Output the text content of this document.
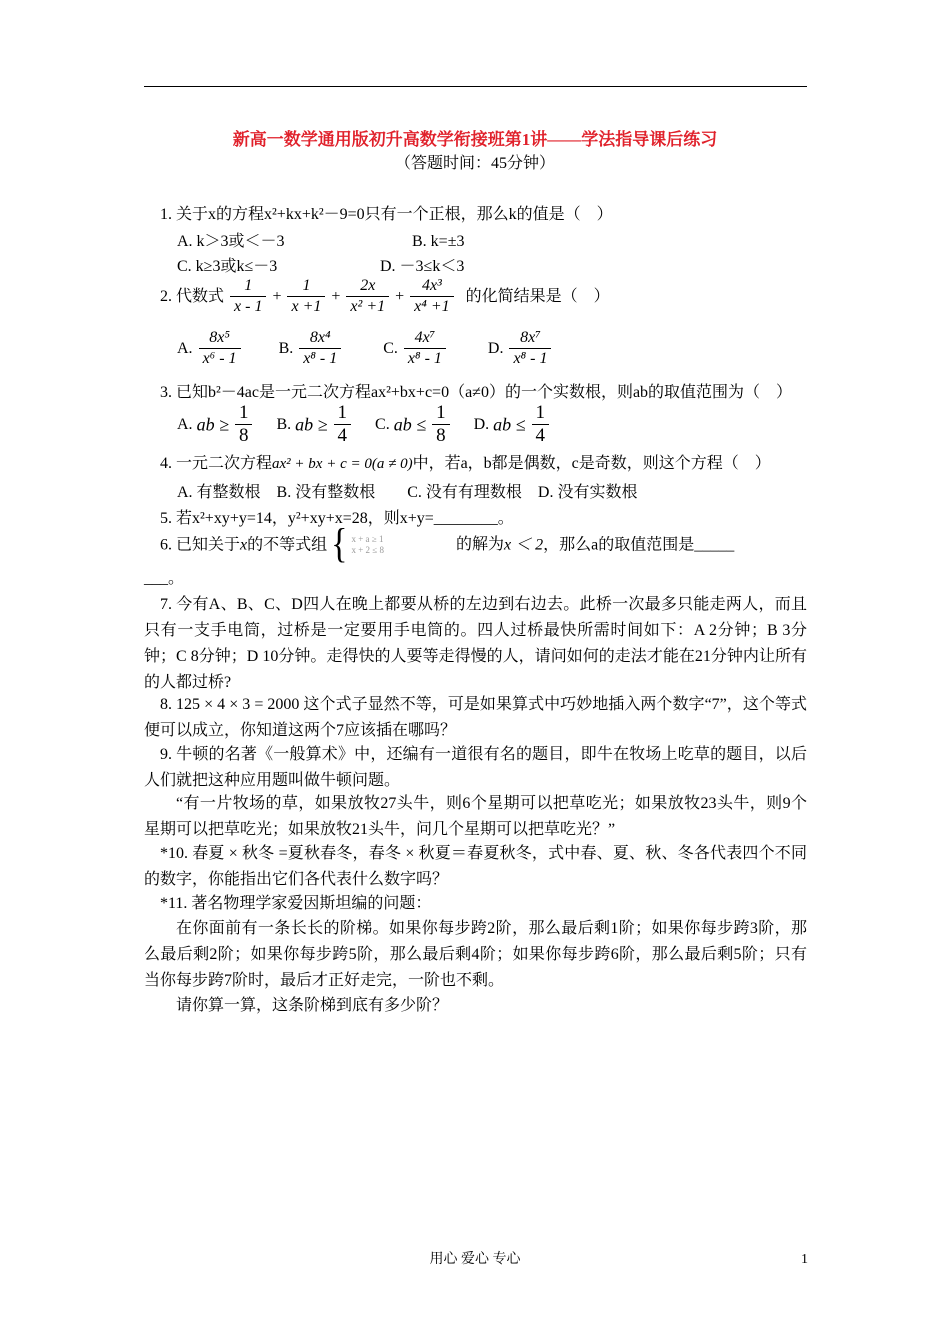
新高一数学通用版初升高数学衔接班第1讲——学法指导课后练习
（答题时间：45分钟）
1. 关于x的方程x²+kx+k²－9=0只有一个正根，那么k的值是（　）
A. k＞3或＜－3	B. k=±3
C. k≥3或k≤－3	D. －3≤k＜3
2. 代数式 $\frac{1}{x - 1} + \frac{1}{x +1} + \frac{2x}{\text{x² +1}} + \frac{\text{4x³}}{\text{x⁴ +1}}$ 的化简结果是（　）
A. $\frac{\text{8x⁵}}{\text{x⁶ - 1}} B$. $\frac{\text{8x⁴}}{\text{x⁸ - 1}}$	C. $\frac{\text{4x⁷}}{\text{x⁸ - 1}}$	D. $\frac{\text{8x⁷}}{\text{x⁸ - 1}}$
3. 已知b²－4ac是一元二次方程ax²+bx+c=0（a≠0）的一个实数根，则ab的取值范围为（　）
A. ab ≥ $\frac{1}{8} B$. ab ≥ $\frac{1}{4} C$. ab ≤ $\frac{1}{8} D$. ab ≤ $\frac{1}{4}$
4. 一元二次方程ax² + bx + c = 0(a ≠ 0)中，若a，b都是偶数，c是奇数，则这个方程（　）
A. 有整数根　B. 没有整数根　　C. 没有有理数根　D. 没有实数根
5. 若x²+xy+y=14，y²+xy+x=28，则x+y=________。
6. 已知关于x的不等式组 { x + a ≥ 1
x + 2 ≤ 8	的解为x ＜ 2，那么a的取值范围是_____
___。
7. 今有A、B、C、D四人在晚上都要从桥的左边到右边去。此桥一次最多只能走两人，而且只有一支手电筒，过桥是一定要用手电筒的。四人过桥最快所需时间如下：A 2分钟；B 3分钟；C 8分钟；D 10分钟。走得快的人要等走得慢的人，请问如何的走法才能在21分钟内让所有的人都过桥?
8. 125 × 4 × 3 = 2000 这个式子显然不等，可是如果算式中巧妙地插入两个数字“7”，这个等式便可以成立，你知道这两个7应该插在哪吗？
9. 牛顿的名著《一般算术》中，还编有一道很有名的题目，即牛在牧场上吃草的题目，以后人们就把这种应用题叫做牛顿问题。
“有一片牧场的草，如果放牧27头牛，则6个星期可以把草吃光；如果放牧23头牛，则9个星期可以把草吃光；如果放牧21头牛，问几个星期可以把草吃光？”
*10. 春夏 × 秋冬 =夏秋春冬，春冬 × 秋夏＝春夏秋冬，式中春、夏、秋、冬各代表四个不同的数字，你能指出它们各代表什么数字吗？
*11. 著名物理学家爱因斯坦编的问题：
在你面前有一条长长的阶梯。如果你每步跨2阶，那么最后剩1阶；如果你每步跨3阶，那么最后剩2阶；如果你每步跨5阶，那么最后剩4阶；如果你每步跨6阶，那么最后剩5阶；只有当你每步跨7阶时，最后才正好走完，一阶也不剩。
请你算一算，这条阶梯到底有多少阶？
用心 爱心 专心	1
